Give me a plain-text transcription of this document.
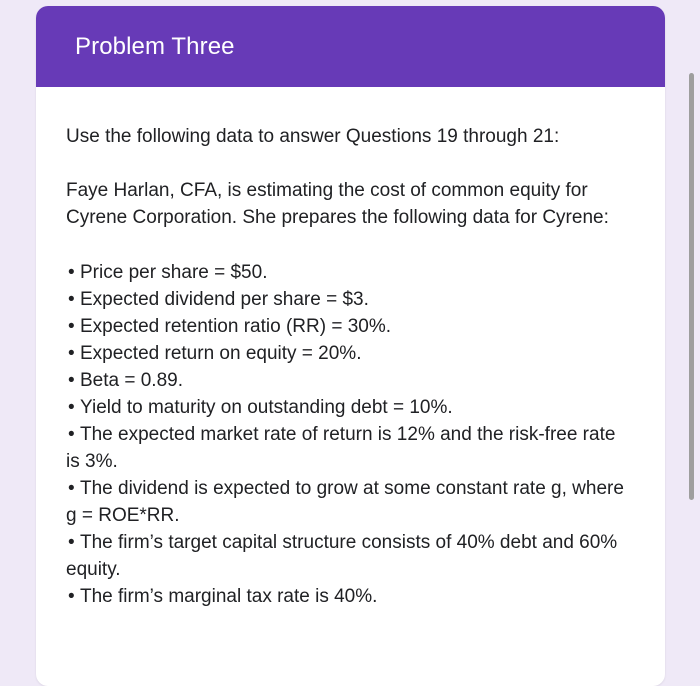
Problem Three

Use the following data to answer Questions 19 through 21:

Faye Harlan, CFA, is estimating the cost of common equity for Cyrene Corporation. She prepares the following data for Cyrene:

• Price per share = $50.
• Expected dividend per share = $3.
• Expected retention ratio (RR) = 30%.
• Expected return on equity = 20%.
• Beta = 0.89.
• Yield to maturity on outstanding debt = 10%.
• The expected market rate of return is 12% and the risk-free rate is 3%.
• The dividend is expected to grow at some constant rate g, where g = ROE*RR.
• The firm’s target capital structure consists of 40% debt and 60% equity.
• The firm’s marginal tax rate is 40%.
